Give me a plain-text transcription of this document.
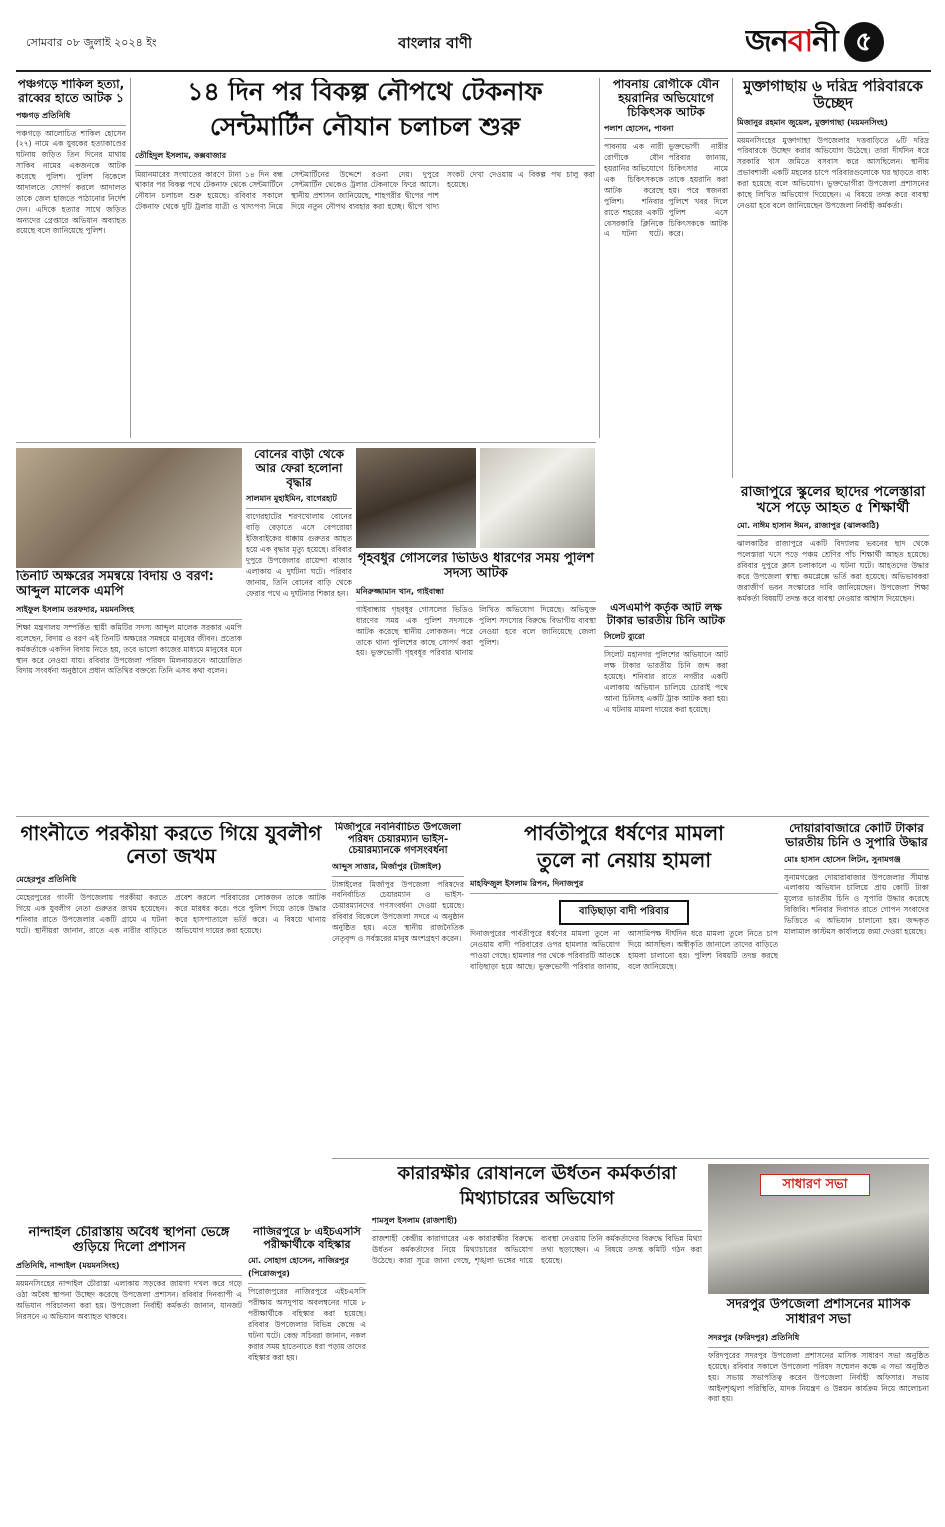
সোমবার ০৮ জুলাই ২০২৪ ইং	বাংলার বাণী	জনবানী ৫
পঞ্চগড়ে শাকিল হত্যা, রাব্বের হাতে আটক ১
পঞ্চগড় প্রতিনিধি
পঞ্চগড়ে আলোচিত শাকিল হোসেন (২৭) নামে এক যুবকের হত্যাকাণ্ডের ঘটনায় জড়িত তিন দিনের মাথায় সাকিব নামের একজনকে আটক করেছে পুলিশ। পুলিশ বিকেলে আদালতে সোপর্দ করলে আদালত তাকে জেল হাজতে পাঠানোর নির্দেশ দেন। এদিকে হত্যার সাথে জড়িত অন্যদের গ্রেপ্তারে অভিযান অব্যাহত রয়েছে বলে জানিয়েছে পুলিশ।
১৪ দিন পর বিকল্প নৌপথে টেকনাফ
সেন্টমার্টিন নৌযান চলাচল শুরু
তৌহিদুল ইসলাম, কক্সবাজার
মিয়ানমারের সংঘাতের কারণে টানা ১৪ দিন বন্ধ থাকার পর বিকল্প পথে টেকনাফ থেকে সেন্টমার্টিনে নৌযান চলাচল শুরু হয়েছে। রবিবার সকালে টেকনাফ থেকে দুটি ট্রলার যাত্রী ও খাদ্যপণ্য নিয়ে সেন্টমার্টিনের উদ্দেশে রওনা দেয়। দুপুরে সেন্টমার্টিন থেকেও ট্রলার টেকনাফে ফিরে আসে। স্থানীয় প্রশাসন জানিয়েছে, শাহপরীর দ্বীপের পাশ দিয়ে নতুন নৌপথ ব্যবহার করা হচ্ছে। দ্বীপে খাদ্য সংকট দেখা দেওয়ায় এ বিকল্প পথ চালু করা হয়েছে।
পাবনায় রোগীকে যৌন হয়রানির অভিযোগে চিকিৎসক আটক
পলাশ হোসেন, পাবনা
পাবনায় এক নারী রোগীকে যৌন হয়রানির অভিযোগে এক চিকিৎসককে আটক করেছে পুলিশ। শনিবার রাতে শহরের একটি বেসরকারি ক্লিনিকে এ ঘটনা ঘটে। ভুক্তভোগী নারীর পরিবার জানায়, চিকিৎসার নামে তাকে হয়রানি করা হয়। পরে স্বজনরা পুলিশে খবর দিলে পুলিশ এসে চিকিৎসককে আটক করে।
মুক্তাগাছায় ৬ দরিদ্র পরিবারকে উচ্ছেদ
মিজানুর রহমান জুয়েল, মুক্তাগাছা (ময়মনসিংহ)
ময়মনসিংহের মুক্তাগাছা উপজেলার দত্তবাড়িতে ৬টি দরিদ্র পরিবারকে উচ্ছেদ করার অভিযোগ উঠেছে। তারা দীর্ঘদিন ধরে সরকারি খাস জমিতে বসবাস করে আসছিলেন। স্থানীয় প্রভাবশালী একটি মহলের চাপে পরিবারগুলোকে ঘর ছাড়তে বাধ্য করা হয়েছে বলে অভিযোগ। ভুক্তভোগীরা উপজেলা প্রশাসনের কাছে লিখিত অভিযোগ দিয়েছেন। এ বিষয়ে তদন্ত করে ব্যবস্থা নেওয়া হবে বলে জানিয়েছেন উপজেলা নির্বাহী কর্মকর্তা।
তিনটি অক্ষরের সমন্বয়ে বিদায় ও বরণ: আব্দুল মালেক এমপি
সাইফুল ইসলাম তরফদার, ময়মনসিংহ
শিক্ষা মন্ত্রণালয় সম্পর্কিত স্থায়ী কমিটির সদস্য আব্দুল মালেক সরকার এমপি বলেছেন, বিদায় ও বরণ এই তিনটি অক্ষরের সমন্বয়ে মানুষের জীবন। প্রত্যেক কর্মকর্তাকে একদিন বিদায় নিতে হয়, তবে ভালো কাজের মাধ্যমে মানুষের মনে স্থান করে নেওয়া যায়। রবিবার উপজেলা পরিষদ মিলনায়তনে আয়োজিত বিদায় সংবর্ধনা অনুষ্ঠানে প্রধান অতিথির বক্তব্যে তিনি এসব কথা বলেন।
বোনের বাড়ী থেকে আর ফেরা হলোনা বৃদ্ধার
সালমান মুহাইমিন, বাগেরহাট
বাগেরহাটের শরণখোলায় বোনের বাড়ি বেড়াতে এসে বেপরোয়া ইজিবাইকের ধাক্কায় গুরুতর আহত হয়ে এক বৃদ্ধার মৃত্যু হয়েছে। রবিবার দুপুরে উপজেলার রায়েন্দা বাজার এলাকায় এ দুর্ঘটনা ঘটে। পরিবার জানায়, তিনি বোনের বাড়ি থেকে ফেরার পথে এ দুর্ঘটনার শিকার হন।
গৃহবধুর গোসলের ভিডিও ধারণের সময় পুলিশ সদস্য আটক
মনিরুজ্জামান খান, গাইবান্ধা
গাইবান্ধায় গৃহবধূর গোসলের ভিডিও ধারণের সময় এক পুলিশ সদস্যকে আটক করেছে স্থানীয় লোকজন। পরে তাকে থানা পুলিশের কাছে সোপর্দ করা হয়। ভুক্তভোগী গৃহবধূর পরিবার থানায় লিখিত অভিযোগ দিয়েছে। অভিযুক্ত পুলিশ সদস্যের বিরুদ্ধে বিভাগীয় ব্যবস্থা নেওয়া হবে বলে জানিয়েছে জেলা পুলিশ।
এসএমপি কর্তৃক আট লক্ষ টাকার ভারতীয় চিনি আটক
সিলেট ব্যুরো
সিলেট মহানগর পুলিশের অভিযানে আট লক্ষ টাকার ভারতীয় চিনি জব্দ করা হয়েছে। শনিবার রাতে নগরীর একটি এলাকায় অভিযান চালিয়ে চোরাই পথে আনা চিনিসহ একটি ট্রাক আটক করা হয়। এ ঘটনায় মামলা দায়ের করা হয়েছে।
রাজাপুরে স্কুলের ছাদের পলেস্তারা খসে পড়ে আহত ৫ শিক্ষার্থী
মো. নাঈম হাসান ঈমন, রাজাপুর (ঝালকাঠি)
ঝালকাঠির রাজাপুরে একটি বিদ্যালয় ভবনের ছাদ থেকে পলেস্তারা খসে পড়ে পঞ্চম শ্রেণির পাঁচ শিক্ষার্থী আহত হয়েছে। রবিবার দুপুরে ক্লাস চলাকালে এ ঘটনা ঘটে। আহতদের উদ্ধার করে উপজেলা স্বাস্থ্য কমপ্লেক্সে ভর্তি করা হয়েছে। অভিভাবকরা জরাজীর্ণ ভবন সংস্কারের দাবি জানিয়েছেন। উপজেলা শিক্ষা কর্মকর্তা বিষয়টি তদন্ত করে ব্যবস্থা নেওয়ার আশ্বাস দিয়েছেন।
গাংনীতে পরকীয়া করতে গিয়ে যুবলীগ নেতা জখম
মেহেরপুর প্রতিনিধি
মেহেরপুরের গাংনী উপজেলায় পরকীয়া করতে গিয়ে এক যুবলীগ নেতা গুরুতর জখম হয়েছেন। শনিবার রাতে উপজেলার একটি গ্রামে এ ঘটনা ঘটে। স্থানীয়রা জানান, রাতে এক নারীর বাড়িতে প্রবেশ করলে পরিবারের লোকজন তাকে আটক করে মারধর করে। পরে পুলিশ গিয়ে তাকে উদ্ধার করে হাসপাতালে ভর্তি করে। এ বিষয়ে থানায় অভিযোগ দায়ের করা হয়েছে।
মির্জাপুরে নবনির্বাচিত উপজেলা পরিষদ চেয়ারম্যান ভাইস-চেয়ারম্যানকে গণসংবর্ধনা
আব্দুস সাত্তার, মির্জাপুর (টাঙ্গাইল)
টাঙ্গাইলের মির্জাপুর উপজেলা পরিষদের নবনির্বাচিত চেয়ারম্যান ও ভাইস-চেয়ারম্যানদের গণসংবর্ধনা দেওয়া হয়েছে। রবিবার বিকেলে উপজেলা সদরে এ অনুষ্ঠান অনুষ্ঠিত হয়। এতে স্থানীয় রাজনৈতিক নেতৃবৃন্দ ও সর্বস্তরের মানুষ অংশগ্রহণ করেন।
পার্বতীপুরে ধর্ষণের মামলা
তুলে না নেয়ায় হামলা
মাহফিজুল ইসলাম রিপন, দিনাজপুর
বাড়িছাড়া বাদী পরিবার
দিনাজপুরের পার্বতীপুরে ধর্ষণের মামলা তুলে না নেওয়ায় বাদী পরিবারের ওপর হামলার অভিযোগ পাওয়া গেছে। হামলার পর থেকে পরিবারটি আতঙ্কে বাড়িছাড়া হয়ে আছে। ভুক্তভোগী পরিবার জানায়, আসামিপক্ষ দীর্ঘদিন ধরে মামলা তুলে নিতে চাপ দিয়ে আসছিল। অস্বীকৃতি জানালে তাদের বাড়িতে হামলা চালানো হয়। পুলিশ বিষয়টি তদন্ত করছে বলে জানিয়েছে।
দোয়ারাবাজারে কোটি টাকার ভারতীয় চিনি ও সুপারি উদ্ধার
মোঃ হাসান হোসেন লিটন, সুনামগঞ্জ
সুনামগঞ্জের দোয়ারাবাজার উপজেলার সীমান্ত এলাকায় অভিযান চালিয়ে প্রায় কোটি টাকা মূল্যের ভারতীয় চিনি ও সুপারি উদ্ধার করেছে বিজিবি। শনিবার দিবাগত রাতে গোপন সংবাদের ভিত্তিতে এ অভিযান চালানো হয়। জব্দকৃত মালামাল কাস্টমস কার্যালয়ে জমা দেওয়া হয়েছে।
নান্দাইল চৌরাস্তায় অবৈধ স্থাপনা ভেঙ্গে গুড়িয়ে দিলো প্রশাসন
প্রতিনিধি, নান্দাইল (ময়মনসিংহ)
ময়মনসিংহের নান্দাইল চৌরাস্তা এলাকায় সড়কের জায়গা দখল করে গড়ে ওঠা অবৈধ স্থাপনা উচ্ছেদ করেছে উপজেলা প্রশাসন। রবিবার দিনব্যাপী এ অভিযান পরিচালনা করা হয়। উপজেলা নির্বাহী কর্মকর্তা জানান, যানজট নিরসনে এ অভিযান অব্যাহত থাকবে।
নাজিরপুরে ৮ এইচএসসি পরীক্ষার্থীকে বহিস্কার
মো. সোহাগ হোসেন, নাজিরপুর (পিরোজপুর)
পিরোজপুরের নাজিরপুরে এইচএসসি পরীক্ষায় অসদুপায় অবলম্বনের দায়ে ৮ পরীক্ষার্থীকে বহিস্কার করা হয়েছে। রবিবার উপজেলার বিভিন্ন কেন্দ্রে এ ঘটনা ঘটে। কেন্দ্র সচিবরা জানান, নকল করার সময় হাতেনাতে ধরা পড়ায় তাদের বহিস্কার করা হয়।
কারারক্ষীর রোষানলে ঊর্ধতন কর্মকর্তারা
মিথ্যাচারের অভিযোগ
শামসুল ইসলাম (রাজশাহী)
রাজশাহী কেন্দ্রীয় কারাগারের এক কারারক্ষীর বিরুদ্ধে ঊর্ধতন কর্মকর্তাদের নিয়ে মিথ্যাচারের অভিযোগ উঠেছে। কারা সূত্রে জানা গেছে, শৃঙ্খলা ভঙ্গের দায়ে ব্যবস্থা নেওয়ায় তিনি কর্মকর্তাদের বিরুদ্ধে বিভিন্ন মিথ্যা তথ্য ছড়াচ্ছেন। এ বিষয়ে তদন্ত কমিটি গঠন করা হয়েছে।
সাধারণ সভা
সদরপুর উপজেলা প্রশাসনের মাসিক সাধারণ সভা
সদরপুর (ফরিদপুর) প্রতিনিধি
ফরিদপুরের সদরপুর উপজেলা প্রশাসনের মাসিক সাধারণ সভা অনুষ্ঠিত হয়েছে। রবিবার সকালে উপজেলা পরিষদ সম্মেলন কক্ষে এ সভা অনুষ্ঠিত হয়। সভায় সভাপতিত্ব করেন উপজেলা নির্বাহী অফিসার। সভায় আইনশৃঙ্খলা পরিস্থিতি, মাদক নিয়ন্ত্রণ ও উন্নয়ন কার্যক্রম নিয়ে আলোচনা করা হয়।
